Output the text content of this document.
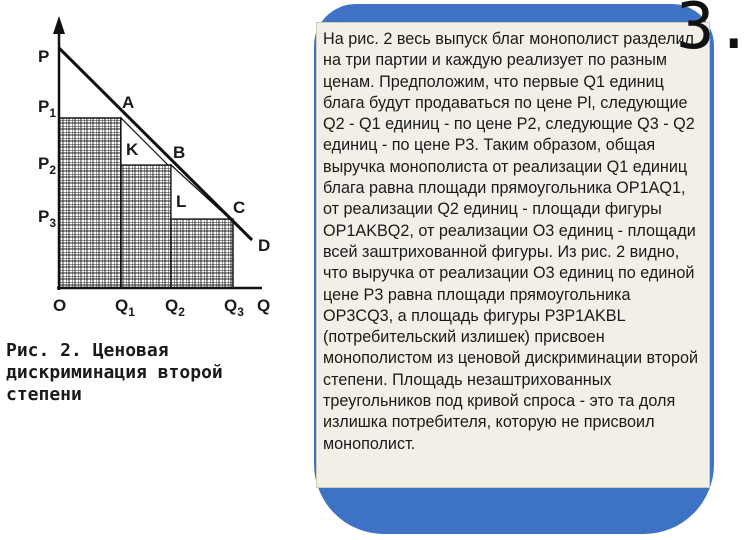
P
$P_1$
$P_2$
$P_3$
O	$Q_1$ $Q_2$ $Q_3$ Q
A
K B
L	C
D
Рис. 2. Ценовая дискриминация второй степени
На рис. 2 весь выпуск благ монополист разделил на три партии и каждую реализует по разным ценам. Предположим, что первые Q1 единиц блага будут продаваться по цене Pl, следующие Q2 - Q1 единиц - по цене P2, следующие Q3 - Q2 единиц - по цене P3. Таким образом, общая выручка монополиста от реализации Q1 единиц блага равна площади прямоугольника OP1AQ1, от реализации Q2 единиц - площади фигуры OP1AKBQ2, от реализации O3 единиц - площади всей заштрихованной фигуры. Из рис. 2 видно, что выручка от реализации O3 единиц по единой цене P3 равна площади прямоугольника OP3CQ3, а площадь фигуры P3P1AKBL (потребительский излишек) присвоен монополистом из ценовой дискриминации второй степени. Площадь незаштрихованных треугольников под кривой спроса - это та доля излишка потребителя, которую не присвоил монополист.
3.
